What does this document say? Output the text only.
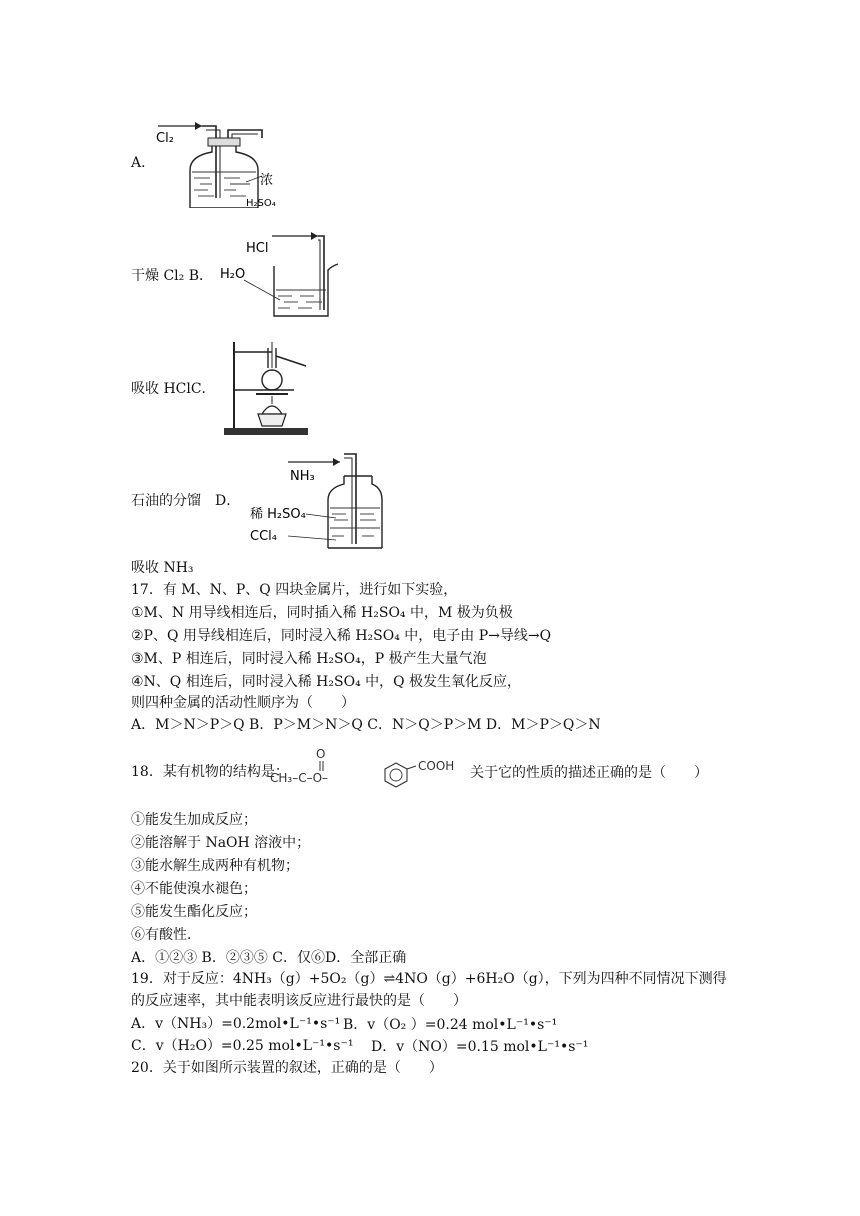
A．
Cl₂
浓
H₂SO₄
干燥 Cl₂ B．
HCl
H₂O
吸收 HClC．
石油的分馏　D．
NH₃
稀 H₂SO₄
CCl₄
吸收 NH₃
17．有 M、N、P、Q 四块金属片，进行如下实验，
①M、N 用导线相连后，同时插入稀 H₂SO₄ 中，M 极为负极
②P、Q 用导线相连后，同时浸入稀 H₂SO₄ 中，电子由 P→导线→Q
③M、P 相连后，同时浸入稀 H₂SO₄，P 极产生大量气泡
④N、Q 相连后，同时浸入稀 H₂SO₄ 中，Q 极发生氧化反应，
则四种金属的活动性顺序为（　　）
A．M＞N＞P＞Q B．P＞M＞N＞Q C．N＞Q＞P＞M D．M＞P＞Q＞N
18．某有机物的结构是：
O
CH₃–C–O–
COOH 关于它的性质的描述正确的是（　　）
①能发生加成反应；
②能溶解于 NaOH 溶液中；
③能水解生成两种有机物；
④不能使溴水褪色；
⑤能发生酯化反应；
⑥有酸性．
A．①②③ B．②③⑤ C．仅⑥D．全部正确
19．对于反应：4NH₃（g）+5O₂（g）⇌4NO（g）+6H₂O（g），下列为四种不同情况下测得
的反应速率，其中能表明该反应进行最快的是（　　）
A．v（NH₃）=0.2mol•L⁻¹•s⁻¹ B．v（O₂ ）=0.24 mol•L⁻¹•s⁻¹
C．v（H₂O）=0.25 mol•L⁻¹•s⁻¹ D．v（NO）=0.15 mol•L⁻¹•s⁻¹
20．关于如图所示装置的叙述，正确的是（　　）
